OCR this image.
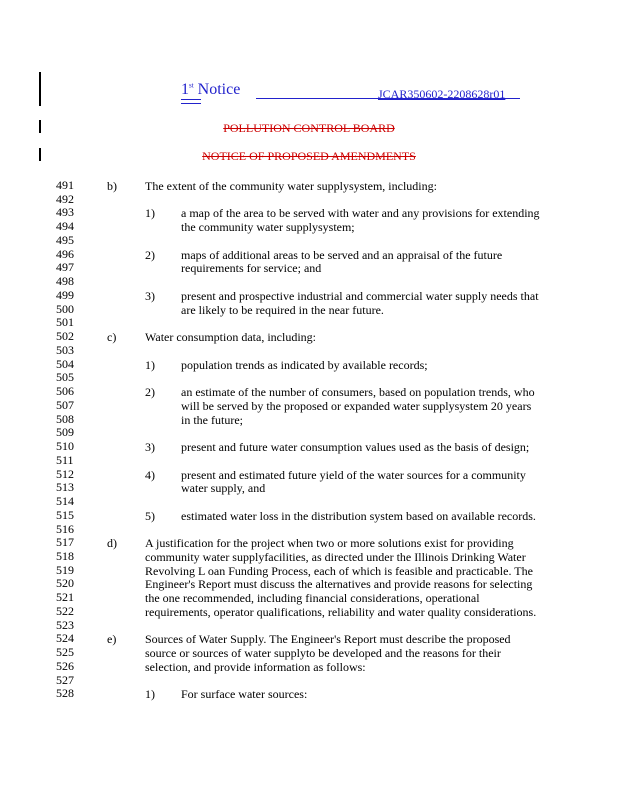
1st Notice	JCAR350602-2208628r01
POLLUTION CONTROL BOARD
NOTICE OF PROPOSED AMENDMENTS
491
492
493
494
495
496
497
498
499
500
501
502
503
504
505
506
507
508
509
510
511
512
513
514
515
516
517
518
519
520
521
522
523
524
525
526
527
528
b) The extent of the community water supplysystem, including:
1) a map of the area to be served with water and any provisions for extending
the community water supplysystem;
2) maps of additional areas to be served and an appraisal of the future
requirements for service; and
3) present and prospective industrial and commercial water supply needs that
are likely to be required in the near future.
c) Water consumption data, including:
1) population trends as indicated by available records;
2) an estimate of the number of consumers, based on population trends, who
will be served by the proposed or expanded water supplysystem 20 years
in the future;
3) present and future water consumption values used as the basis of design;
4) present and estimated future yield of the water sources for a community
water supply, and
5) estimated water loss in the distribution system based on available records.
d) A justification for the project when two or more solutions exist for providing
community water supplyfacilities, as directed under the Illinois Drinking Water
Revolving L oan Funding Process, each of which is feasible and practicable. The
Engineer's Report must discuss the alternatives and provide reasons for selecting
the one recommended, including financial considerations, operational
requirements, operator qualifications, reliability and water quality considerations.
e) Sources of Water Supply. The Engineer's Report must describe the proposed
source or sources of water supplyto be developed and the reasons for their
selection, and provide information as follows:
1) For surface water sources:
